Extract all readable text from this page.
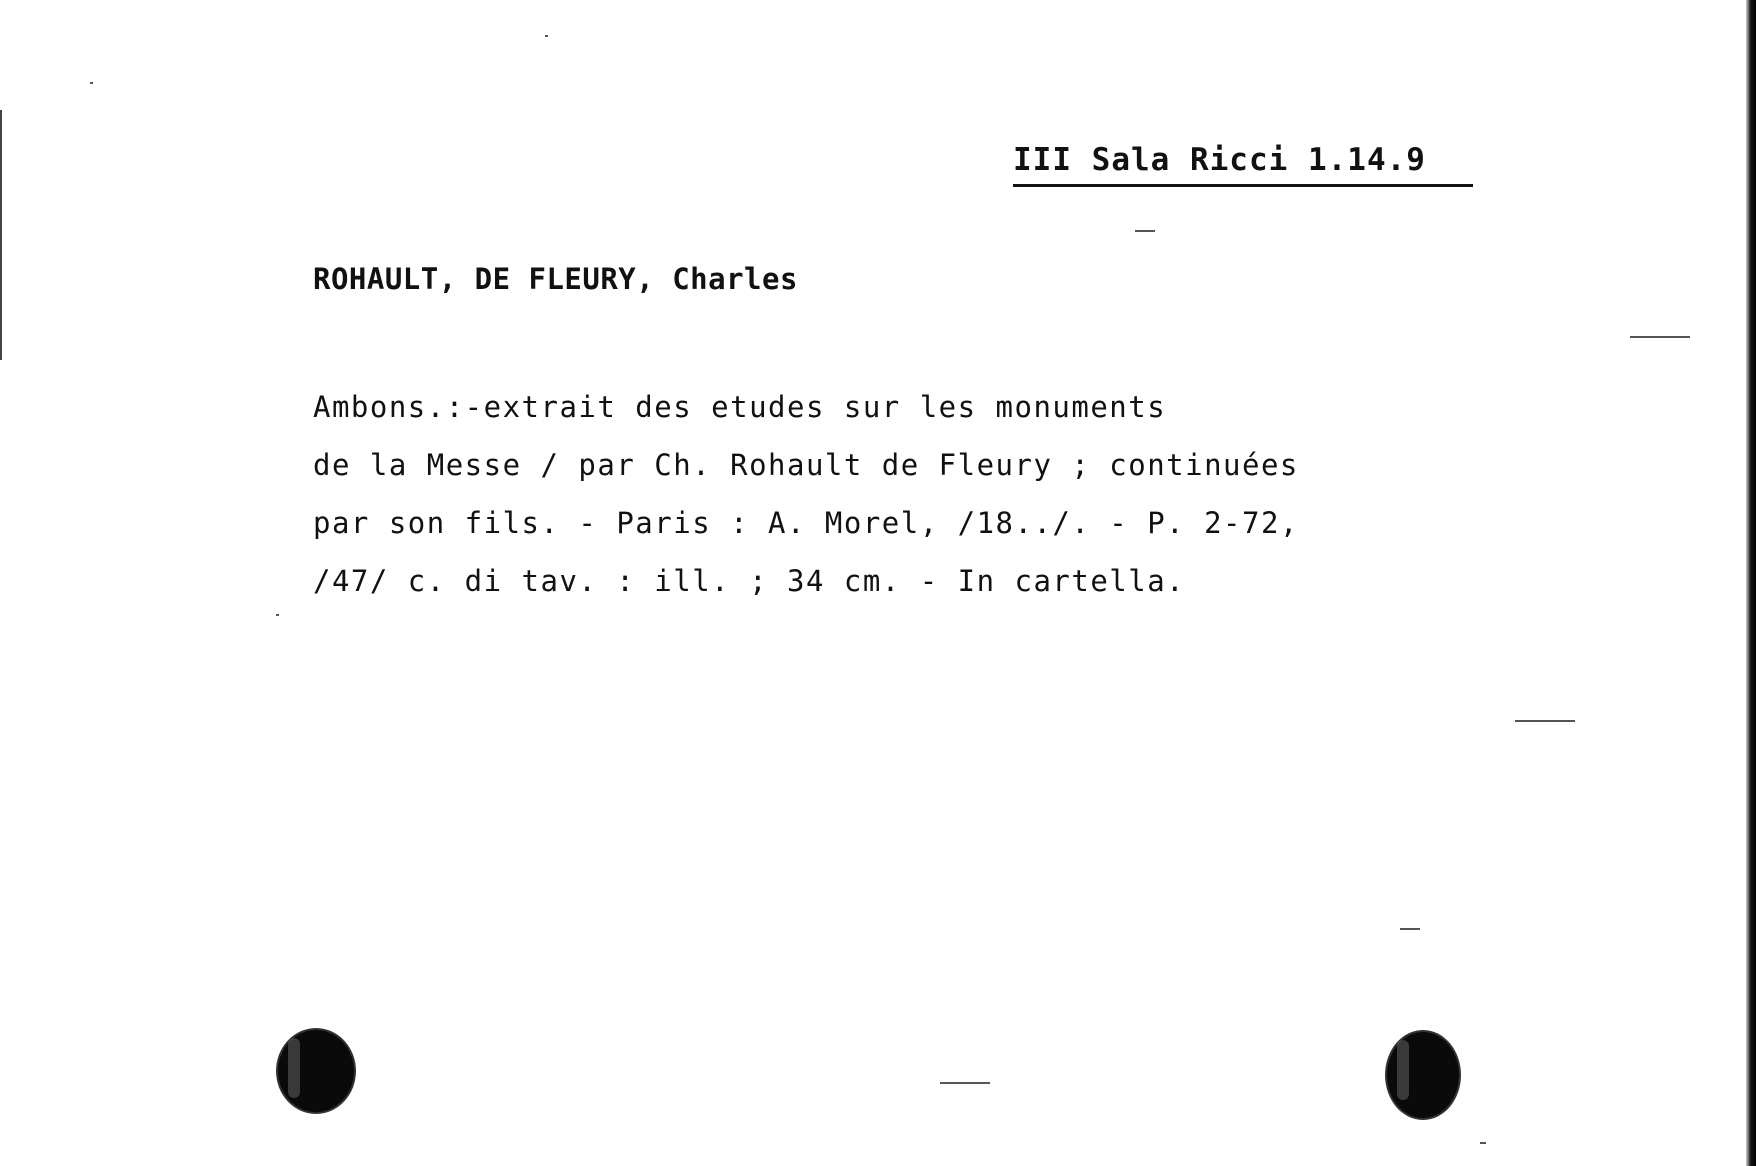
III Sala Ricci 1.14.9
ROHAULT, DE FLEURY, Charles
Ambons.:-extrait des etudes sur les monuments
de la Messe / par Ch. Rohault de Fleury ; continuées
par son fils. - Paris : A. Morel, /18../. - P. 2-72,
/47/ c. di tav. : ill. ; 34 cm. - In cartella.
